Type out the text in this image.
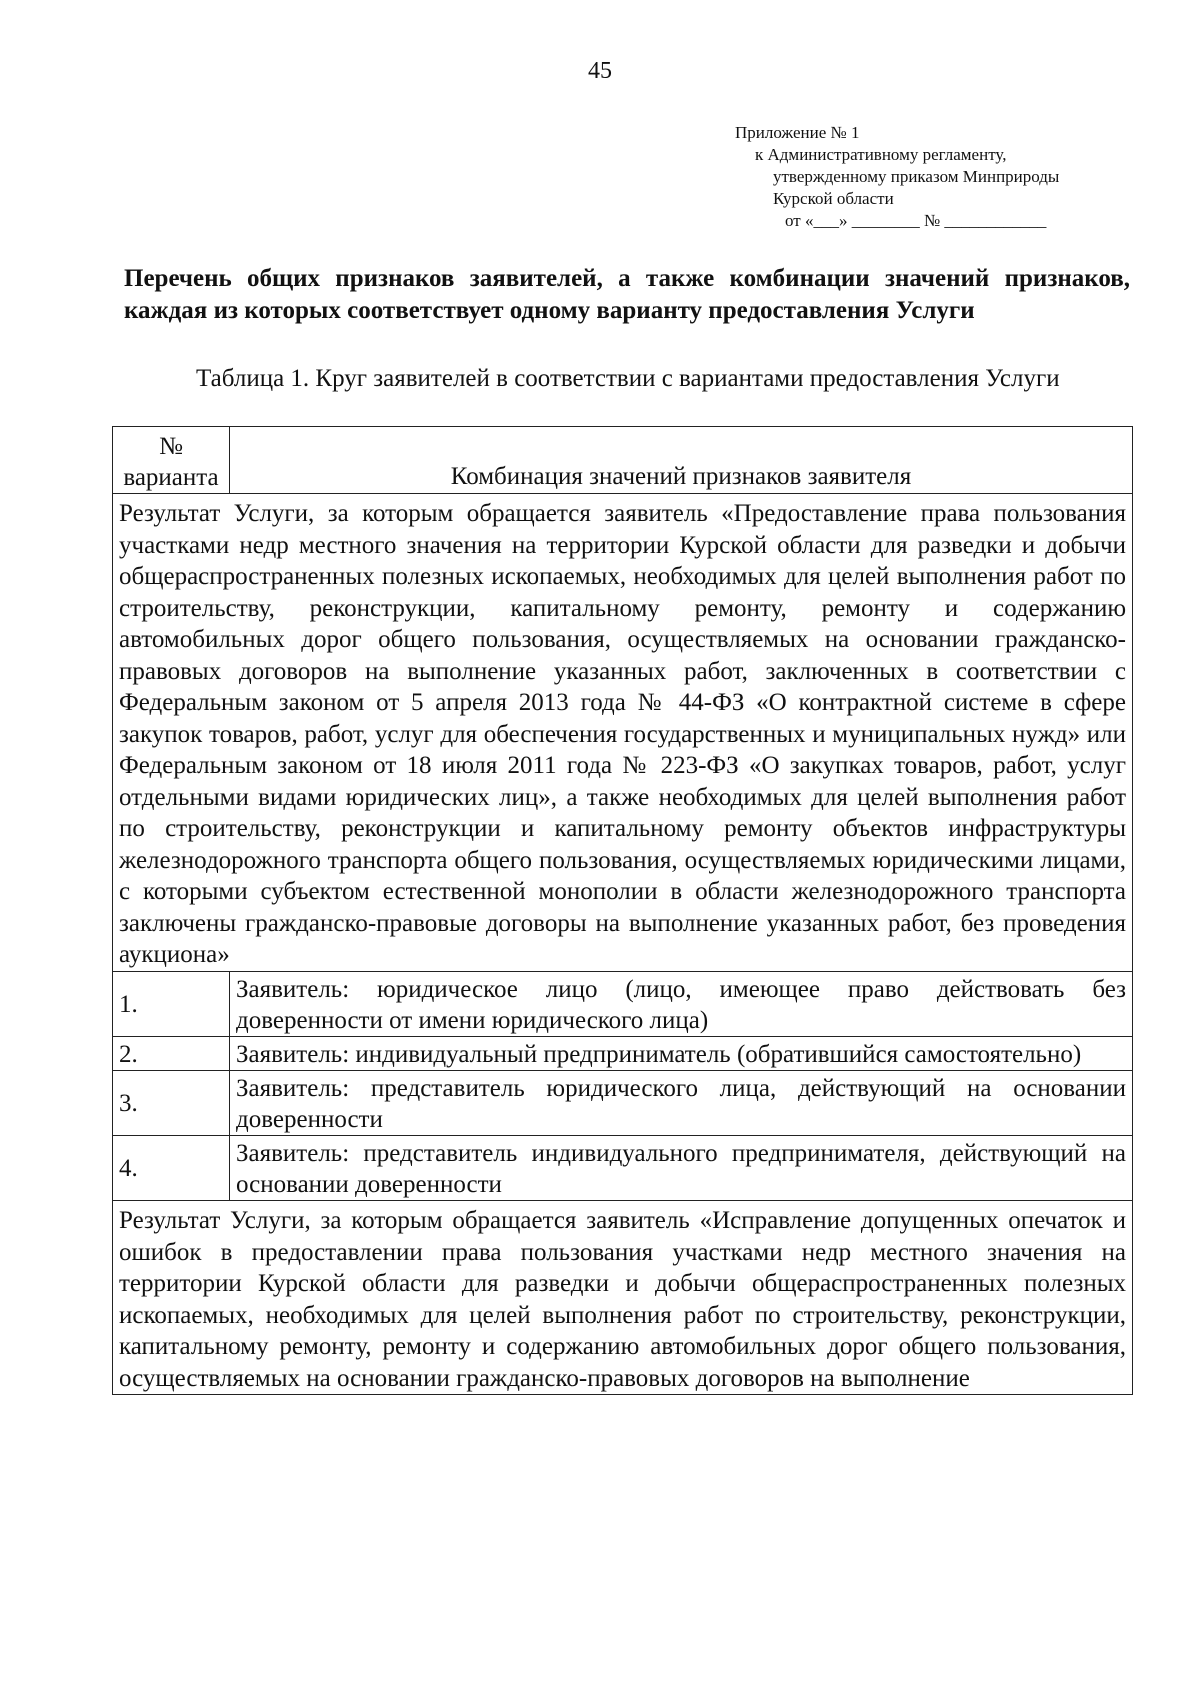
45
Приложение № 1
к Административному регламенту,
утвержденному приказом Минприроды
Курской области
от «___» ________ № ____________
Перечень общих признаков заявителей, а также комбинации значений признаков, каждая из которых соответствует одному варианту предоставления Услуги
Таблица 1. Круг заявителей в соответствии с вариантами предоставления Услуги
№ варианта	Комбинация значений признаков заявителя
Результат Услуги, за которым обращается заявитель «Предоставление права пользования участками недр местного значения на территории Курской области для разведки и добычи общераспространенных полезных ископаемых, необходимых для целей выполнения работ по строительству, реконструкции, капитальному ремонту, ремонту и содержанию автомобильных дорог общего пользования, осуществляемых на основании гражданско-правовых договоров на выполнение указанных работ, заключенных в соответствии с Федеральным законом от 5 апреля 2013 года № 44-ФЗ «О контрактной системе в сфере закупок товаров, работ, услуг для обеспечения государственных и муниципальных нужд» или Федеральным законом от 18 июля 2011 года № 223-ФЗ «О закупках товаров, работ, услуг отдельными видами юридических лиц», а также необходимых для целей выполнения работ по строительству, реконструкции и капитальному ремонту объектов инфраструктуры железнодорожного транспорта общего пользования, осуществляемых юридическими лицами, с которыми субъектом естественной монополии в области железнодорожного транспорта заключены гражданско-правовые договоры на выполнение указанных работ, без проведения аукциона»	
1.	Заявитель: юридическое лицо (лицо, имеющее право действовать без доверенности от имени юридического лица)
2.	Заявитель: индивидуальный предприниматель (обратившийся самостоятельно)
3.	Заявитель: представитель юридического лица, действующий на основании доверенности
4.	Заявитель: представитель индивидуального предпринимателя, действующий на основании доверенности
Результат Услуги, за которым обращается заявитель «Исправление допущенных опечаток и ошибок в предоставлении права пользования участками недр местного значения на территории Курской области для разведки и добычи общераспространенных полезных ископаемых, необходимых для целей выполнения работ по строительству, реконструкции, капитальному ремонту, ремонту и содержанию автомобильных дорог общего пользования, осуществляемых на основании гражданско-правовых договоров на выполнение	
